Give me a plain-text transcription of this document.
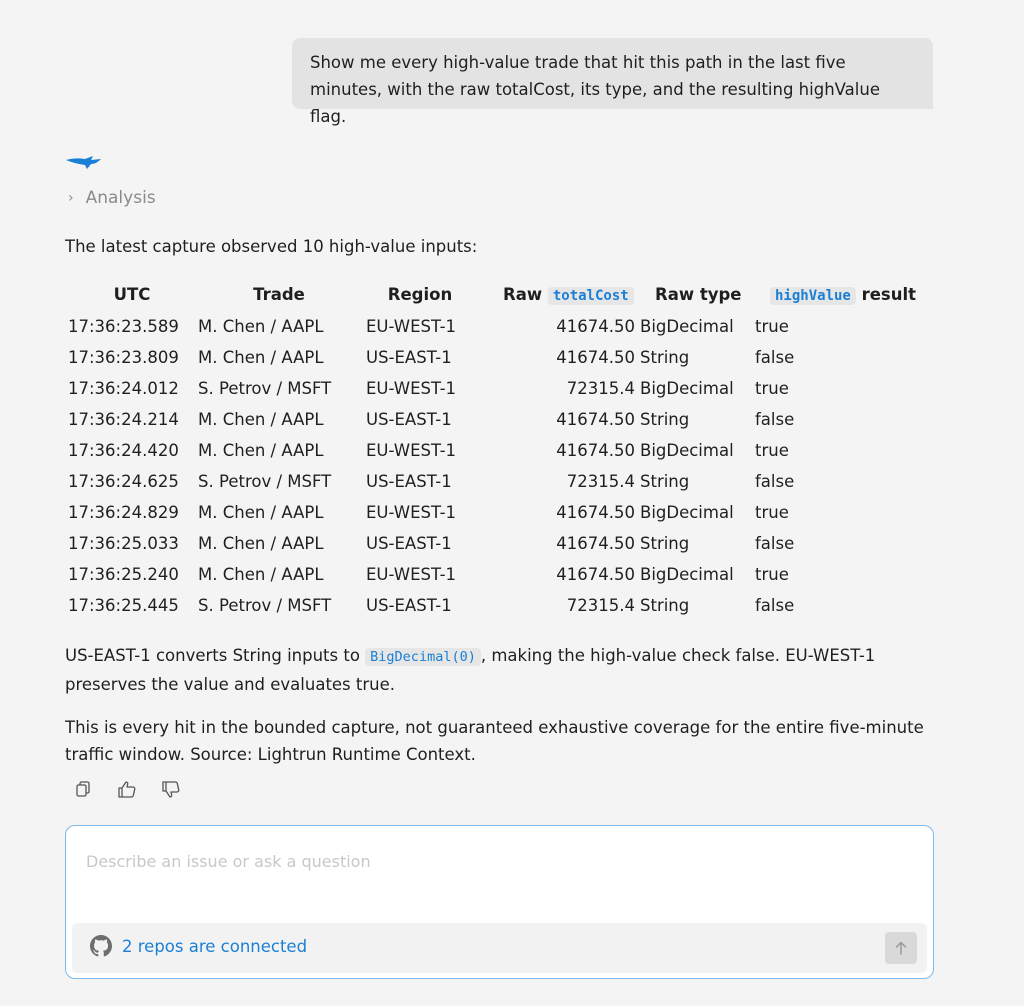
Show me every high-value trade that hit this path in the last five minutes, with the raw totalCost, its type, and the resulting highValue flag.
› Analysis
The latest capture observed 10 high-value inputs:
UTC	Trade	Region	Raw totalCost	Raw type	highValue result
17:36:23.589	M. Chen / AAPL	EU-WEST-1	41674.50 BigDecimal	true
17:36:23.809	M. Chen / AAPL	US-EAST-1	41674.50 String	false
17:36:24.012	S. Petrov / MSFT	EU-WEST-1	72315.4 BigDecimal	true
17:36:24.214	M. Chen / AAPL	US-EAST-1	41674.50 String	false
17:36:24.420	M. Chen / AAPL	EU-WEST-1	41674.50 BigDecimal	true
17:36:24.625	S. Petrov / MSFT	US-EAST-1	72315.4 String	false
17:36:24.829	M. Chen / AAPL	EU-WEST-1	41674.50 BigDecimal	true
17:36:25.033	M. Chen / AAPL	US-EAST-1	41674.50 String	false
17:36:25.240	M. Chen / AAPL	EU-WEST-1	41674.50 BigDecimal	true
17:36:25.445	S. Petrov / MSFT	US-EAST-1	72315.4 String	false
US-EAST-1 converts String inputs to BigDecimal(0) , making the high-value check false. EU-WEST-1 preserves the value and evaluates true.
This is every hit in the bounded capture, not guaranteed exhaustive coverage for the entire five-minute traffic window. Source: Lightrun Runtime Context.
Describe an issue or ask a question
2 repos are connected
